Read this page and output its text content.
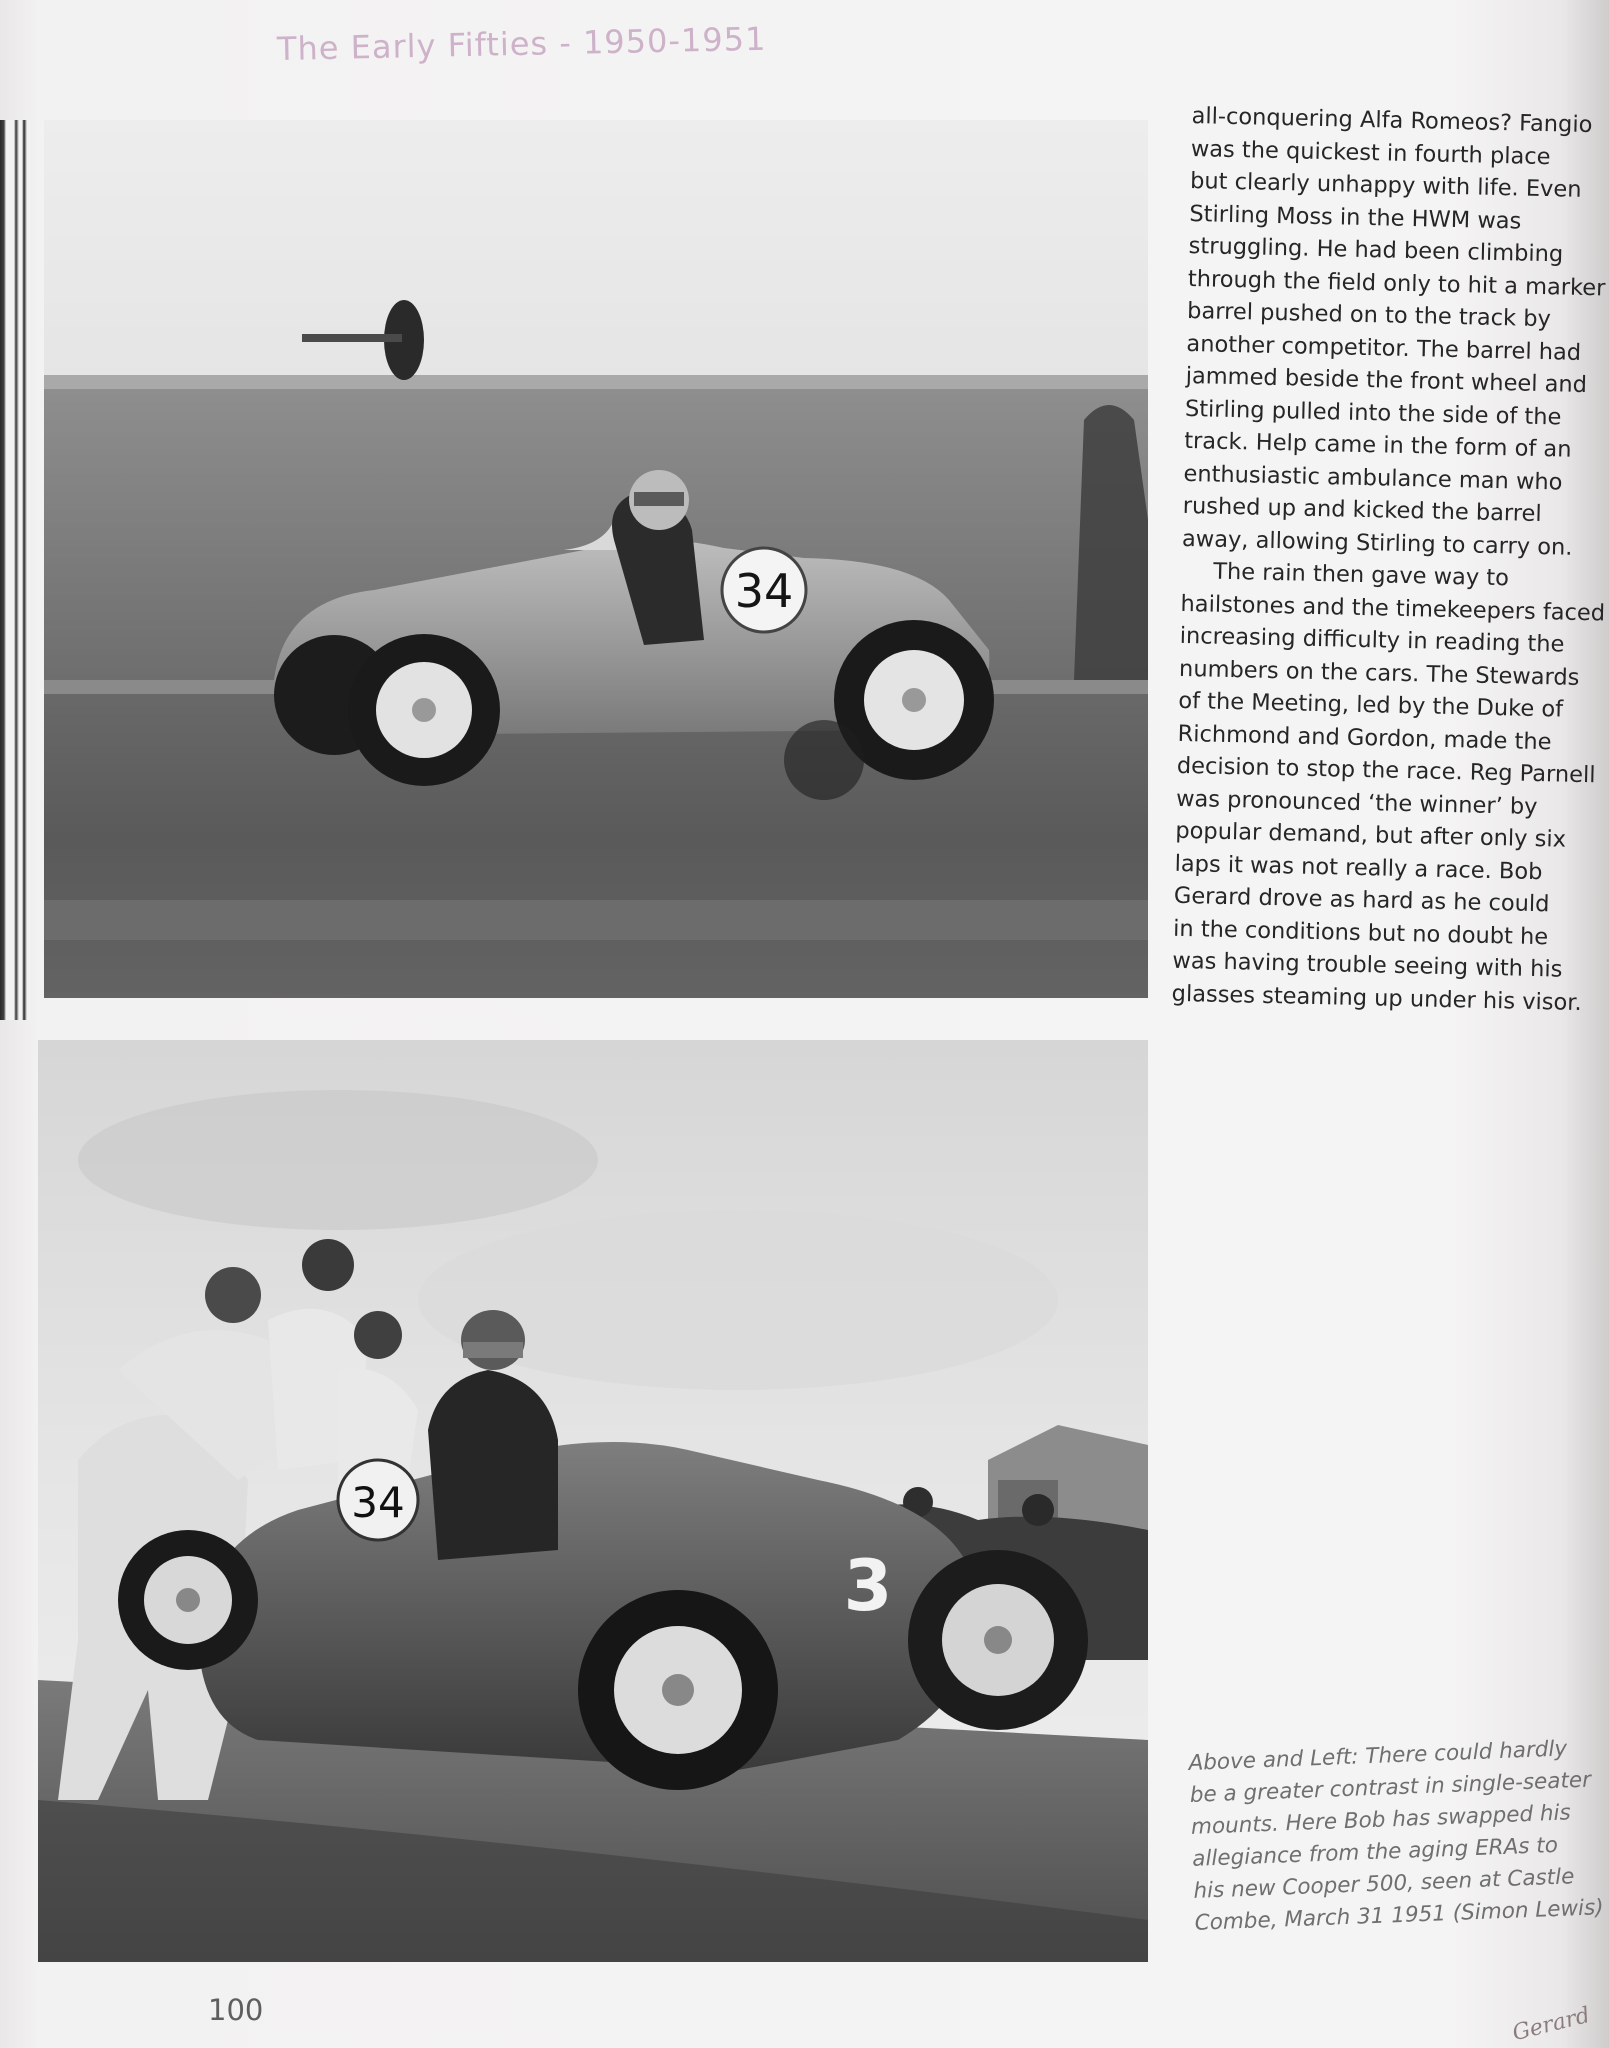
The Early Fifties - 1950-1951
34
34
3
all-conquering Alfa Romeos? Fangio
was the quickest in fourth place
but clearly unhappy with life. Even
Stirling Moss in the HWM was
struggling. He had been climbing
through the field only to hit a marker
barrel pushed on to the track by
another competitor. The barrel had
jammed beside the front wheel and
Stirling pulled into the side of the
track. Help came in the form of an
enthusiastic ambulance man who
rushed up and kicked the barrel
away, allowing Stirling to carry on.
The rain then gave way to
hailstones and the timekeepers faced
increasing difficulty in reading the
numbers on the cars. The Stewards
of the Meeting, led by the Duke of
Richmond and Gordon, made the
decision to stop the race. Reg Parnell
was pronounced ‘the winner’ by
popular demand, but after only six
laps it was not really a race. Bob
Gerard drove as hard as he could
in the conditions but no doubt he
was having trouble seeing with his
glasses steaming up under his visor.
Above and Left: There could hardly
be a greater contrast in single-seater
mounts. Here Bob has swapped his
allegiance from the aging ERAs to
his new Cooper 500, seen at Castle
Combe, March 31 1951 (Simon Lewis)
100	Gerard
